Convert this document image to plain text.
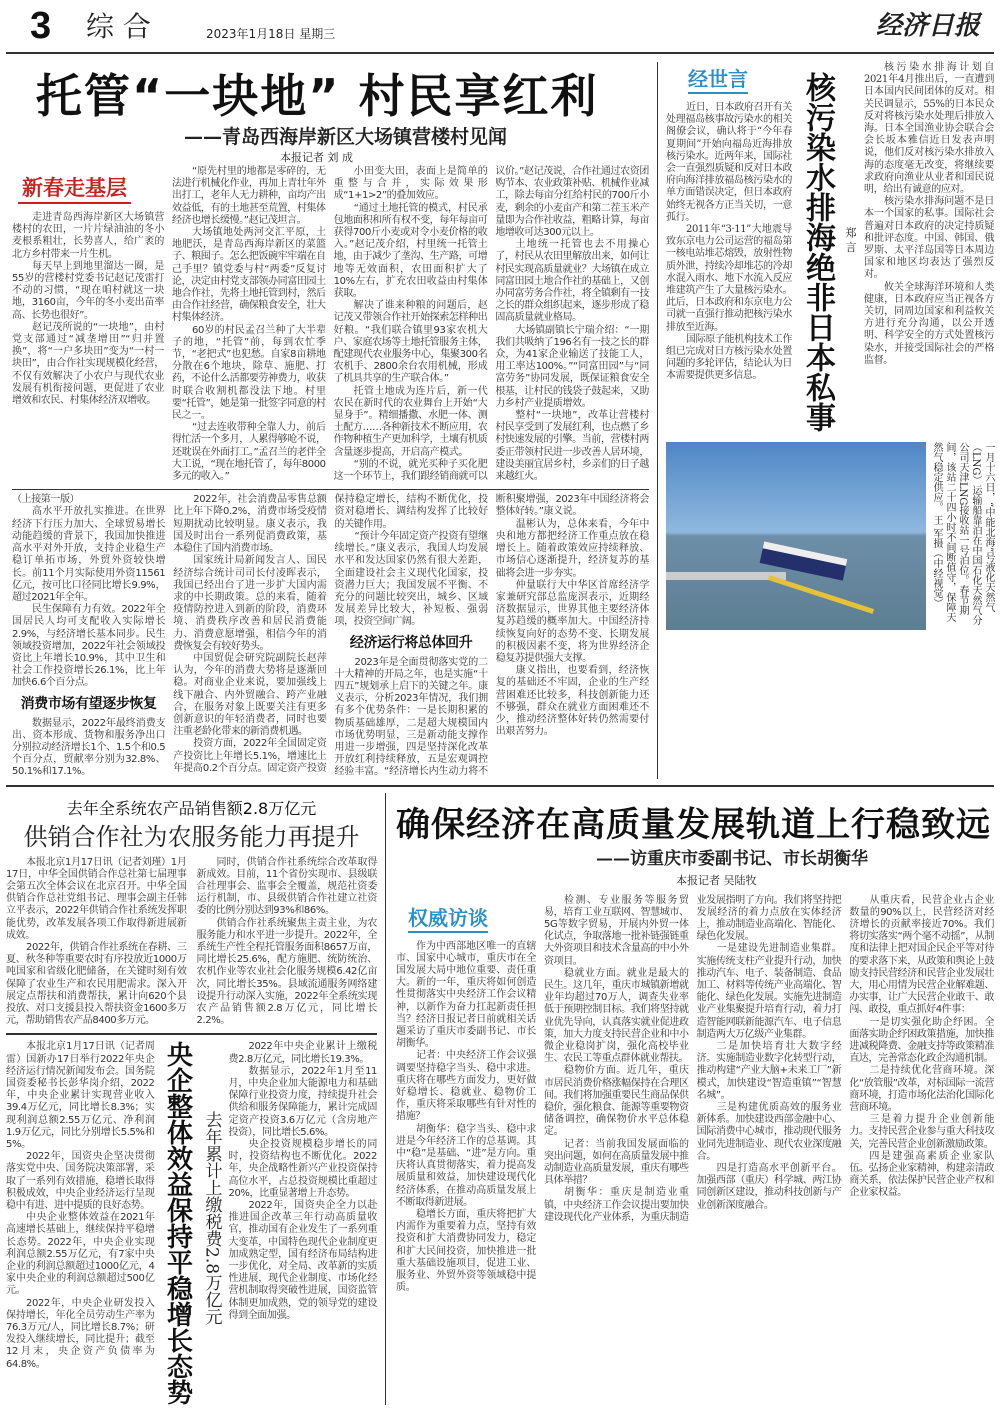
3 综 合	2023年1月18日 星期三	经济日报
托管“一块地” 村民享红利
——青岛西海岸新区大场镇营楼村见闻
本报记者 刘 成
新春走基层

走进青岛西海岸新区大场镇营楼村的农田，一片片绿油油的冬小麦根系粗壮，长势喜人，给广袤的北方乡村带来一片生机。

每天早上到地里溜达一圈，是55岁的营楼村党委书记赵记茂雷打不动的习惯，“现在咱村就这一块地，3160亩，今年的冬小麦出苗率高、长势也很好”。

赵记茂所说的“一块地”，由村党支部通过“减垄增田”“归并置换”，将“一户多块田”变为“一村一块田”，由合作社实现规模化经营，不仅有效解决了小农户与现代农业发展有机衔接问题，更促进了农业增效和农民、村集体经济双增收。

“原先村里的地都是零碎的，无法进行机械化作业，再加上青壮年外出打工，老年人无力耕种，亩均产出效益低，有的土地甚至荒置，村集体经济也增长缓慢。”赵记茂坦言。

大场镇地处两河交汇平原，土地肥沃，是青岛西海岸新区的菜篮子、粮囤子。怎么把饭碗牢牢端在自己手里？镇党委与村“两委”反复讨论，决定由村党支部领办同富田园土地合作社，先将土地托管到村，然后由合作社经营，确保粮食安全，壮大村集体经济。

60岁的村民孟召兰种了大半辈子的地，“托管”前，每到农忙季节，“老把式”也犯愁。自家8亩耕地分散在6个地块，除草、施肥、打药，不论什么活都要劳神费力，收获时联合收割机都没法下地。村里要“托管”，她是第一批签字同意的村民之一。

“过去连收带种全靠人力，前后得忙活一个多月，人累得够呛不说，还耽误在外面打工。”孟召兰的老伴全大工说，“现在地托管了，每年8000多元的收入。”

小田变大田，表面上是简单的重整与合并，实际效果形成“1+1>2”的叠加效应。

“通过土地托管的模式，村民承包地面积和所有权不变，每年每亩可获得700斤小麦或对令小麦价格的收入。”赵记茂介绍，村里统一托管土地，由于减少了垄沟、生产路，可增地等无效面积，农田面积扩大了10%左右，扩充农田收益由村集体获取。

解决了谁来种粮的问题后，赵记茂又带领合作社开始探索怎样种出好粮。“我们联合镇里93家农机大户、家庭农场等土地托管服务主体，配建现代农业服务中心，集聚300名农机手、2800余台农用机械，形成了机具共享的生产联合体。”

托管土地成为连片后，新一代农民在新时代的农业舞台上开始“大显身手”。精细播撒、水肥一体、测土配方……各种新技术不断应用，农作物种植生产更加科学，土壤有机质含量逐步提高，开启高产模式。

“别的不说，就光买种子买化肥这一个环节上，我们跟经销商就可以议价。”赵记茂说，合作社通过农资团购节本、农业政策补贴、机械作业减工，除去每亩分红给村民的700斤小麦，剩余的小麦亩产和第二茬玉米产量即为合作社收益，粗略计算，每亩地增收可达300元以上。

土地统一托管也去不用操心了，村民从农田里解放出来，如何让村民实现高质量就业？大场镇在成立同富田园土地合作社的基础上，又创办同富劳务合作社，将全镇剩有一技之长的群众组织起来，逐步形成了稳固高质量就业格局。

大场镇副镇长宁瑞介绍：“一期我们共吸纳了196名有一技之长的群众，为41家企业输送了技能工人，用工率达100%。”“同富田园”与“同富劳务”协同发展，既保证粮食安全根基，让村民的钱袋子鼓起来，又助力乡村产业提质增效。

整村“一块地”，改革让营楼村村民享受到了发展红利，也点燃了乡村快速发展的引擎。当前，营楼村两委正带领村民进一步改善人居环境，建设美丽宜居乡村，乡亲们的日子越来越红火。

（上接第一版）

高水平开放扎实推进。在世界经济下行压力加大、全球贸易增长动能趋缓的背景下，我国加快推进高水平对外开放，支持企业稳生产稳订单拓市场，外贸外资较快增长。前11个月实际使用外资11561亿元，按可比口径同比增长9.9%，超过2021年全年。

民生保障有力有效。2022年全国居民人均可支配收入实际增长2.9%，与经济增长基本同步。民生领域投资增加，2022年社会领域投资比上年增长10.9%，其中卫生和社会工作投资增长26.1%，比上年加快6.6个百分点。

消费市场有望逐步恢复

数据显示，2022年最终消费支出、资本形成、货物和服务净出口分别拉动经济增长1个、1.5个和0.5个百分点，贸献率分别为32.8%、50.1%和17.1%。

2022年，社会消费品零售总额比上年下降0.2%，消费市场受疫情短期扰动比较明显。康义表示，我国及时出台一系列促消费政策，基本稳住了国内消费市场。

国家统计局新闻发言人、国民经济综合统计司司长付凌晖表示，我国已经出台了进一步扩大国内需求的中长期政策。总的来看，随着疫情防控进入到新的阶段，消费环境、消费秩序改善和居民消费能力、消费意愿增强，相信今年的消费恢复会有较好势头。

中国贸促会研究院副院长赵萍认为，今年的消费大势将是逐渐回稳。对商业企业来说，要加强线上线下融合、内外贸融合、跨产业融合，在服务对象上既要关注有更多创新意识的年轻消费者，同时也要注重老龄化带来的新消费机遇。

投资方面，2022年全国固定资产投资比上年增长5.1%，增速比上年提高0.2个百分点。固定资产投资保持稳定增长，结构不断优化，投资对稳增长、调结构发挥了比较好的关键作用。

“预计今年固定资产投资有望继续增长。”康义表示，我国人均发展水平和发达国家仍然有很大差距，全面建设社会主义现代化国家，投资潜力巨大；我国发展不平衡、不充分的问题比较突出，城乡、区域发展差异比较大，补短板、强弱项，投资空间广阔。

经济运行将总体回升

2023年是全面贯彻落实党的二十大精神的开局之年，也是实施“十四五”规划承上启下的关键之年。康义表示，分析2023年情况，我们拥有多个优势条件：一是长期积累的物质基础雄厚，二是超大规模国内市场优势明显，三是新动能支撑作用进一步增强，四是坚持深化改革开放红利持续释放，五是宏观调控经验丰富。“经济增长内生动力将不断积聚增强，2023年中国经济将会整体好转。”康义说。

温彬认为，总体来看，今年中央和地方都把经济工作重点放在稳增长上。随着政策效应持续释放、市场信心逐渐提升，经济复苏的基础将会进一步夯实。

仲量联行大中华区首席经济学家兼研究部总监庞溟表示，近期经济数据显示，世界其他主要经济体复苏趋缓的概率加大。中国经济持续恢复向好的态势不变、长期发展的积极因素不变，将为世界经济企稳复苏提供强大支撑。

康义指出，也要看到，经济恢复的基础还不牢固，企业的生产经营困难还比较多，科技创新能力还不够强，群众在就业方面困难还不少，推动经济整体好转仍然需要付出艰苦努力。

经世言

近日，日本政府召开有关处理福岛核事故污染水的相关阁僚会议，确认将于“今年春夏期间”开始向福岛近海排放核污染水。近两年来，国际社会一直强烈质疑和反对日本政府向海洋排放福岛核污染水的单方面错误决定，但日本政府始终无视各方正当关切，一意孤行。

2011年“3·11”大地震导致东京电力公司运营的福岛第一核电站堆芯熔毁，放射性物质外泄，持续冷却堆芯的冷却水混入雨水、地下水流入反应堆建筑产生了大量核污染水。此后，日本政府和东京电力公司就一直强行推动把核污染水排放至近海。

国际原子能机构技术工作组已完成对日方核污染水处置问题的多轮评估，结论认为日本需要提供更多信息。	核污染水排海绝非日本私事 郑 言

核污染水排海计划自2021年4月推出后，一直遭到日本国内民间团体的反对。相关民调显示，55%的日本民众反对将核污染水处理后排放入海。日本全国渔业协会联合会会长坂本雅信近日发表声明说，他们反对核污染水排放入海的态度毫无改变，将继续要求政府向渔业从业者和国民说明，给出有诚意的应对。

核污染水排海问题不是日本一个国家的私事。国际社会普遍对日本政府的决定持质疑和批评态度。中国、韩国、俄罗斯、太平洋岛国等日本周边国家和地区均表达了强烈反对。

攸关全球海洋环境和人类健康，日本政府应当正视各方关切，同周边国家和利益攸关方进行充分沟通，以公开透明、科学安全的方式处置核污染水，并接受国际社会的严格监督。

一月十六日，“中能北海”号液化天然气（LNG）运输船靠泊在中国石化天然气分公司天津LNG接收站一号泊位。春节期间，该站二十四小时不间断值守，保障天然气稳定供应。 王 军摄（中经视觉）
去年全系统农产品销售额2.8万亿元
供销合作社为农服务能力再提升

本报北京1月17日讯（记者刘瑾）1月17日，中华全国供销合作总社第七届理事会第五次全体会议在北京召开。中华全国供销合作总社党组书记、理事会副主任韩立平表示，2022年供销合作社系统发挥职能优势，改革发展各项工作取得新进展新成效。

2022年，供销合作社系统在春耕、三夏、秋冬种等重要农时有序投放近1000万吨国家和省级化肥储备，在关键时刻有效保障了农业生产和农民用肥需求。深入开展定点帮扶和消费帮扶，累计向620个县投放、对口支援县投入帮扶资金1600多万元，帮助销售农产品8400多万元。

同时，供销合作社系统综合改革取得新成效。目前，11个省份实现市、县级联合社理事会、监事会全覆盖，规范社资委运行机制，市、县级供销合作社建立社资委的比例分别达到93%和86%。

供销合作社系统聚焦主责主业，为农服务能力和水平进一步提升。2022年，全系统生产性全程托管服务面积8657万亩，同比增长25.6%，配方施肥、统防统治、农机作业等农业社会化服务规模6.42亿亩次，同比增长35%。县域流通服务网络建设提升行动深入实施，2022年全系统实现农产品销售额2.8万亿元，同比增长2.2%。

本报北京1月17日讯（记者周雷）国新办17日举行2022年央企经济运行情况新闻发布会。国务院国资委秘书长彭华岗介绍，2022年，中央企业累计实现营业收入39.4万亿元，同比增长8.3%；实现利润总额2.55万亿元、净利润1.9万亿元，同比分别增长5.5%和5%。

2022年，国资央企坚决贯彻落实党中央、国务院决策部署，采取了一系列有效措施，稳增长取得积极成效，中央企业经济运行呈现稳中有进、进中提质的良好态势。

中央企业整体效益在2021年高速增长基础上，继续保持平稳增长态势。2022年，中央企业实现利润总额2.55万亿元，有7家中央企业的利润总额超过1000亿元，4家中央企业的利润总额超过500亿元。

2022年，中央企业研发投入保持增长，年化全员劳动生产率为76.3万元/人，同比增长8.7%；研发投入继续增长，同比提升；截至12月末，央企资产负债率为64.8%。	央企整体效益保持平稳增长态势 去年累计上缴税费2.8万亿元

2022年中央企业累计上缴税费2.8万亿元，同比增长19.3%。

数据显示，2022年1月至11月，中央企业加大能源电力和基础保障行业投资力度，持续提升社会供给和服务保障能力，累计完成固定资产投资3.6万亿元（含房地产投资），同比增长5.6%。

央企投资规模稳步增长的同时，投资结构也不断优化。2022年，央企战略性新兴产业投资保持高位水平，占总投资规模比重超过20%，比重显著增上升态势。

2022年，国资央企全力以赴推进国企改革三年行动高质量收官，推动国有企业发生了一系列重大变革，中国特色现代企业制度更加成熟定型，国有经济布局结构进一步优化，对全局、改革新的实质性进展，现代企业制度、市场化经营机制取得突破性进展，国资监管体制更加成熟，党的领导党的建设得到全面加强。

确保经济在高质量发展轨道上行稳致远
——访重庆市委副书记、市长胡衡华
本报记者 吴陆牧
权威访谈

作为中西部地区唯一的直辖市、国家中心城市，重庆市在全国发展大局中地位重要、责任重大。新的一年，重庆将如何创造性贯彻落实中央经济工作会议精神，以新作为奋力扛起新责任担当？经济日报记者日前就相关话题采访了重庆市委副书记、市长胡衡华。

记者：中央经济工作会议强调要坚持稳字当头、稳中求进。重庆将在哪些方面发力，更好做好稳增长、稳就业、稳物价工作，重庆将采取哪些有针对性的措施？

胡衡华：稳字当头、稳中求进是今年经济工作的总基调。其中“稳”是基础、“进”是方向。重庆将认真贯彻落实，着力提高发展质量和效益，加快建设现代化经济体系，在推动高质量发展上不断取得新进展。

稳增长方面，重庆将把扩大内需作为重要着力点，坚持有效投资和扩大消费协同发力，稳定和扩大民间投资，加快推进一批重大基础设施项目，促进工业、服务业、外贸外资等领域稳中提质。

检测、专业服务等服务贸易，培育工业互联网、智慧城市、5G等数字贸易，开展内外贸一体化试点，争取落地一批补链强链重大外资项目和技术含量高的中小外资项目。

稳就业方面。就业是最大的民生。这几年，重庆市城镇新增就业年均超过70万人，调查失业率低于预期控制目标。我们将坚持就业优先导向，认真落实就业促进政策，加大力度支持民营企业和中小微企业稳岗扩岗，强化高校毕业生、农民工等重点群体就业帮扶。

稳物价方面。近几年，重庆市居民消费价格涨幅保持在合理区间。我们将加强重要民生商品保供稳价，强化粮食、能源等重要物资储备调控，确保物价水平总体稳定。

记者：当前我国发展面临的突出问题，如何在高质量发展中推动制造业高质量发展，重庆有哪些具体举措？

胡衡华：重庆是制造业重镇，中央经济工作会议提出要加快建设现代化产业体系，为重庆制造业发展指明了方向。我们将坚持把发展经济的着力点放在实体经济上，推动制造业高端化、智能化、绿色化发展。

一是建设先进制造业集群。实施传统支柱产业提升行动，加快推动汽车、电子、装备制造、食品加工、材料等传统产业高端化、智能化、绿色化发展。实施先进制造业产业集聚提升培育行动，着力打造智能网联新能源汽车、电子信息制造两大万亿级产业集群。

二是加快培育壮大数字经济。实施制造业数字化转型行动，推动构建“产业大脑+未来工厂”新模式，加快建设“智造重镇”“智慧名城”。

三是构建优质高效的服务业新体系。加快建设西部金融中心、国际消费中心城市，推动现代服务业同先进制造业、现代农业深度融合。

四是打造高水平创新平台。加强西部（重庆）科学城、两江协同创新区建设，推动科技创新与产业创新深度融合。

从重庆看，民营企业占企业数量的90%以上，民营经济对经济增长的贡献率接近70%。我们将切实落实“两个毫不动摇”，从制度和法律上把对国企民企平等对待的要求落下来，从政策和舆论上鼓励支持民营经济和民营企业发展壮大，用心用情为民营企业解难题、办实事，让广大民营企业敢干、敢闯、敢投，重点抓好4件事：

一是切实强化助企纾困。全面落实助企纾困政策措施，加快推进减税降费、金融支持等政策精准直达，完善常态化政企沟通机制。

二是持续优化营商环境。深化“放管服”改革，对标国际一流营商环境，打造市场化法治化国际化营商环境。

三是着力提升企业创新能力。支持民营企业参与重大科技攻关，完善民营企业创新激励政策。

四是建强高素质企业家队伍。弘扬企业家精神，构建亲清政商关系，依法保护民营企业产权和企业家权益。
